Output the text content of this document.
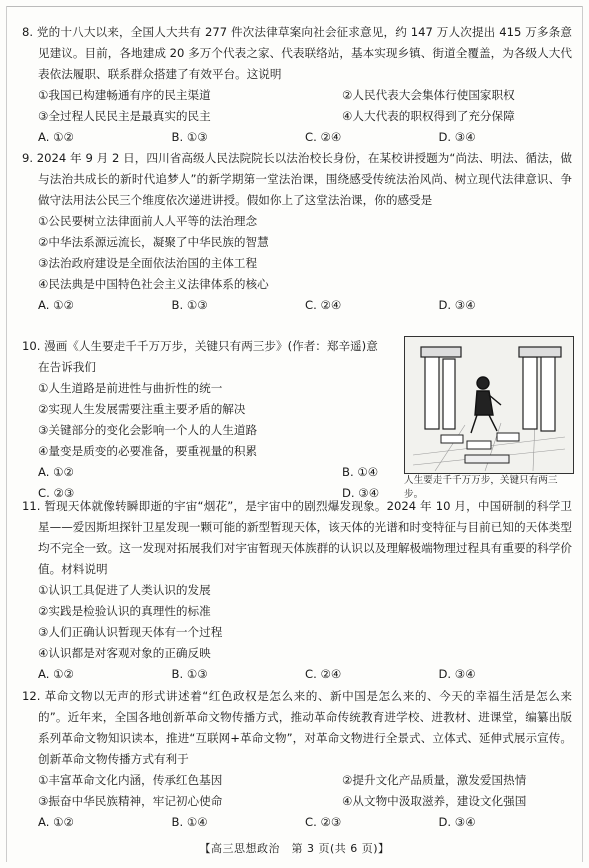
8. 党的十八大以来，全国人大共有 277 件次法律草案向社会征求意见，约 147 万人次提出 415 万多条意见建议。目前，各地建成 20 多万个代表之家、代表联络站，基本实现乡镇、街道全覆盖，为各级人大代表依法履职、联系群众搭建了有效平台。这说明

①我国已构建畅通有序的民主渠道	②人民代表大会集体行使国家职权
③全过程人民民主是最真实的民主	④人大代表的职权得到了充分保障
A. ①②	B. ①③	C. ②④	D. ③④

9. 2024 年 9 月 2 日，四川省高级人民法院院长以法治校长身份，在某校讲授题为“尚法、明法、循法，做与法治共成长的新时代追梦人”的新学期第一堂法治课，围绕感受传统法治风尚、树立现代法律意识、争做守法用法公民三个维度依次递进讲授。假如你上了这堂法治课，你的感受是

①公民要树立法律面前人人平等的法治理念

②中华法系源远流长，凝聚了中华民族的智慧

③法治政府建设是全面依法治国的主体工程

④民法典是中国特色社会主义法律体系的核心

A. ①②	B. ①③	C. ②④	D. ③④

10. 漫画《人生要走千千万万步，关键只有两三步》(作者：郑辛遥)意

在告诉我们

①人生道路是前进性与曲折性的统一

②实现人生发展需要注重主要矛盾的解决

③关键部分的变化会影响一个人的人生道路

④量变是质变的必要准备，要重视量的积累

A. ①②	B. ①④
C. ②③	D. ③④
人生要走千千万万步，关键只有两三步。

11. 暂现天体就像转瞬即逝的宇宙“烟花”，是宇宙中的剧烈爆发现象。2024 年 10 月，中国研制的科学卫星——爱因斯坦探针卫星发现一颗可能的新型暂现天体，该天体的光谱和时变特征与目前已知的天体类型均不完全一致。这一发现对拓展我们对宇宙暂现天体族群的认识以及理解极端物理过程具有重要的科学价值。材料说明

①认识工具促进了人类认识的发展

②实践是检验认识的真理性的标准

③人们正确认识暂现天体有一个过程

④认识都是对客观对象的正确反映

A. ①②	B. ①③	C. ②④	D. ③④

12. 革命文物以无声的形式讲述着“红色政权是怎么来的、新中国是怎么来的、今天的幸福生活是怎么来的”。近年来，全国各地创新革命文物传播方式，推动革命传统教育进学校、进教材、进课堂，编纂出版系列革命文物知识读本，推进“互联网+革命文物”，对革命文物进行全景式、立体式、延伸式展示宣传。创新革命文物传播方式有利于

①丰富革命文化内涵，传承红色基因	②提升文化产品质量，激发爱国热情
③振奋中华民族精神，牢记初心使命	④从文物中汲取滋养，建设文化强国
A. ①②	B. ①④	C. ②③	D. ③④
【高三思想政治　第 3 页(共 6 页)】
